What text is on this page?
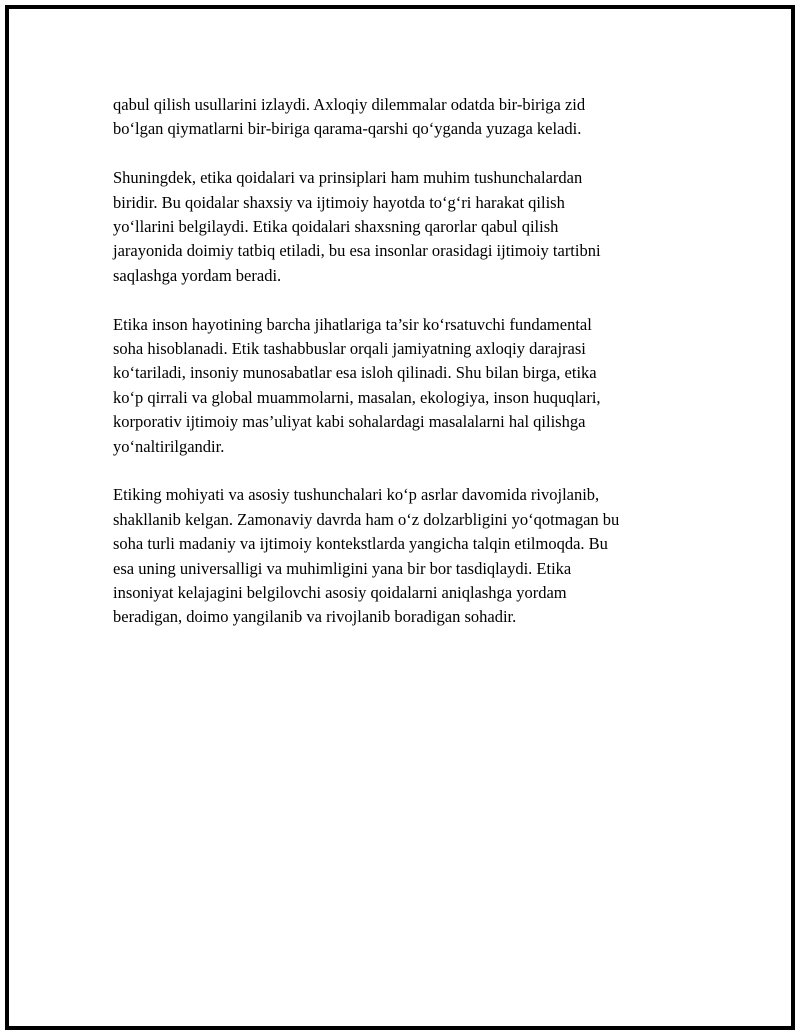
qabul qilish usullarini izlaydi. Axloqiy dilemmalar odatda bir-biriga zid
bo‘lgan qiymatlarni bir-biriga qarama-qarshi qo‘yganda yuzaga keladi.

Shuningdek, etika qoidalari va prinsiplari ham muhim tushunchalardan
biridir. Bu qoidalar shaxsiy va ijtimoiy hayotda to‘g‘ri harakat qilish
yo‘llarini belgilaydi. Etika qoidalari shaxsning qarorlar qabul qilish
jarayonida doimiy tatbiq etiladi, bu esa insonlar orasidagi ijtimoiy tartibni
saqlashga yordam beradi.

Etika inson hayotining barcha jihatlariga ta’sir ko‘rsatuvchi fundamental
soha hisoblanadi. Etik tashabbuslar orqali jamiyatning axloqiy darajrasi
ko‘tariladi, insoniy munosabatlar esa isloh qilinadi. Shu bilan birga, etika
ko‘p qirrali va global muammolarni, masalan, ekologiya, inson huquqlari,
korporativ ijtimoiy mas’uliyat kabi sohalardagi masalalarni hal qilishga
yo‘naltirilgandir.

Etiking mohiyati va asosiy tushunchalari ko‘p asrlar davomida rivojlanib,
shakllanib kelgan. Zamonaviy davrda ham o‘z dolzarbligini yo‘qotmagan bu
soha turli madaniy va ijtimoiy kontekstlarda yangicha talqin etilmoqda. Bu
esa uning universalligi va muhimligini yana bir bor tasdiqlaydi. Etika
insoniyat kelajagini belgilovchi asosiy qoidalarni aniqlashga yordam
beradigan, doimo yangilanib va rivojlanib boradigan sohadir.
